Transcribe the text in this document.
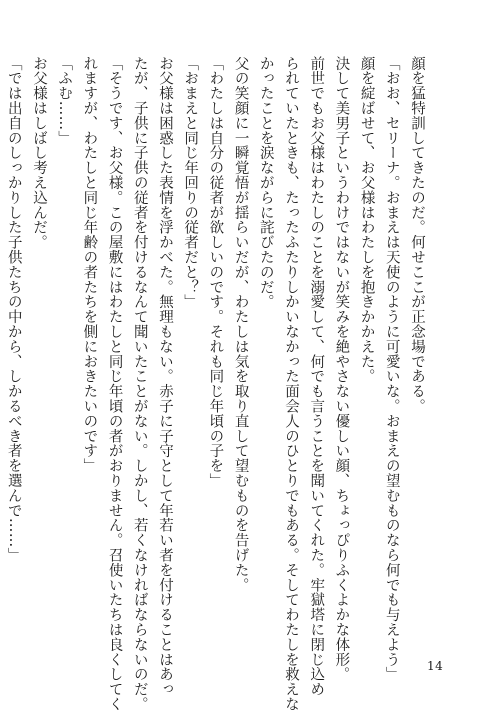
顔を猛特訓してきたのだ。何せここが正念場である。
「おお、セリーナ。おまえは天使のように可愛いな。おまえの望むものなら何でも与えよう」
顔を綻ばせて、お父様はわたしを抱きかかえた。
決して美男子というわけではないが笑みを絶やさない優しい顔、ちょっぴりふくよかな体形。
前世でもお父様はわたしのことを溺愛して、何でも言うことを聞いてくれた。牢獄塔に閉じ込め
られていたときも、たったふたりしかいなかった面会人のひとりでもある。そしてわたしを救えな
かったことを涙ながらに詫びたのだ。
父の笑顔に一瞬覚悟が揺らいだが、わたしは気を取り直して望むものを告げた。
「わたしは自分の従者が欲しいのです。それも同じ年頃の子を」
「おまえと同じ年回りの従者だと？」
お父様は困惑した表情を浮かべた。無理もない。赤子に子守として年若い者を付けることはあっ
たが、子供に子供の従者を付けるなんて聞いたことがない。しかし、若くなければならないのだ。
「そうです、お父様。この屋敷にはわたしと同じ年頃の者がおりません。召使いたちは良くしてく
れますが、わたしと同じ年齢の者たちを側におきたいのです」
「ふむ……」
お父様はしばし考え込んだ。
「では出自のしっかりした子供たちの中から、しかるべき者を選んで……」
14
